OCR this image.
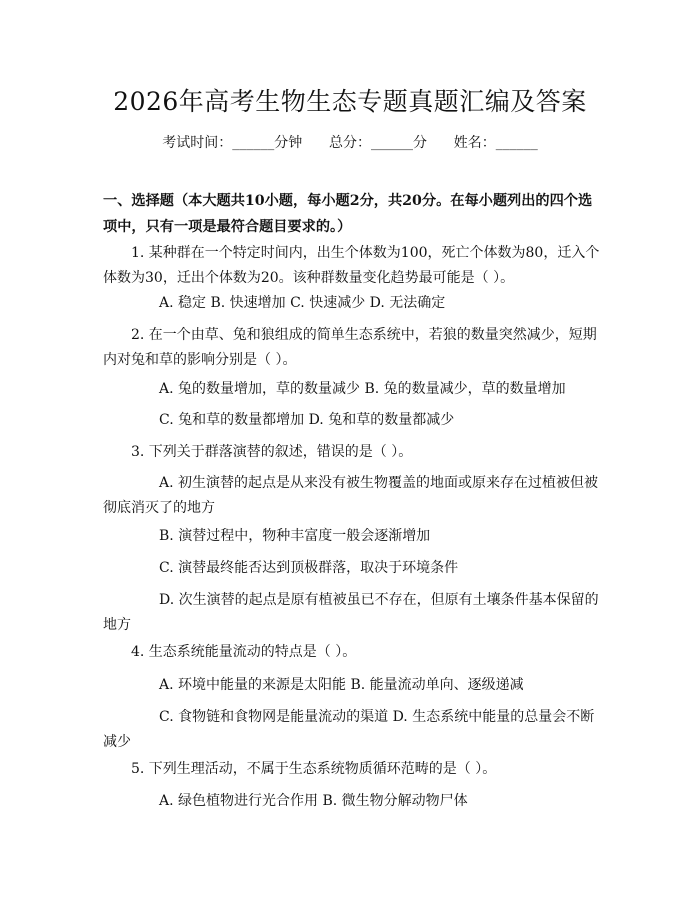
2026年高考生物生态专题真题汇编及答案
考试时间：______分钟      总分：______分      姓名：______
一、选择题（本大题共10小题，每小题2分，共20分。在每小题列出的四个选项中，只有一项是最符合题目要求的。）
1. 某种群在一个特定时间内，出生个体数为100，死亡个体数为80，迁入个体数为30，迁出个体数为20。该种群数量变化趋势最可能是（ ）。
A. 稳定 B. 快速增加 C. 快速减少 D. 无法确定
2. 在一个由草、兔和狼组成的简单生态系统中，若狼的数量突然减少，短期内对兔和草的影响分别是（ ）。
A. 兔的数量增加，草的数量减少 B. 兔的数量减少，草的数量增加
C. 兔和草的数量都增加 D. 兔和草的数量都减少
3. 下列关于群落演替的叙述，错误的是（ ）。
A. 初生演替的起点是从来没有被生物覆盖的地面或原来存在过植被但被彻底消灭了的地方
B. 演替过程中，物种丰富度一般会逐渐增加
C. 演替最终能否达到顶极群落，取决于环境条件
D. 次生演替的起点是原有植被虽已不存在，但原有土壤条件基本保留的地方
4. 生态系统能量流动的特点是（ ）。
A. 环境中能量的来源是太阳能 B. 能量流动单向、逐级递减
C. 食物链和食物网是能量流动的渠道 D. 生态系统中能量的总量会不断减少
5. 下列生理活动，不属于生态系统物质循环范畴的是（ ）。
A. 绿色植物进行光合作用 B. 微生物分解动物尸体
